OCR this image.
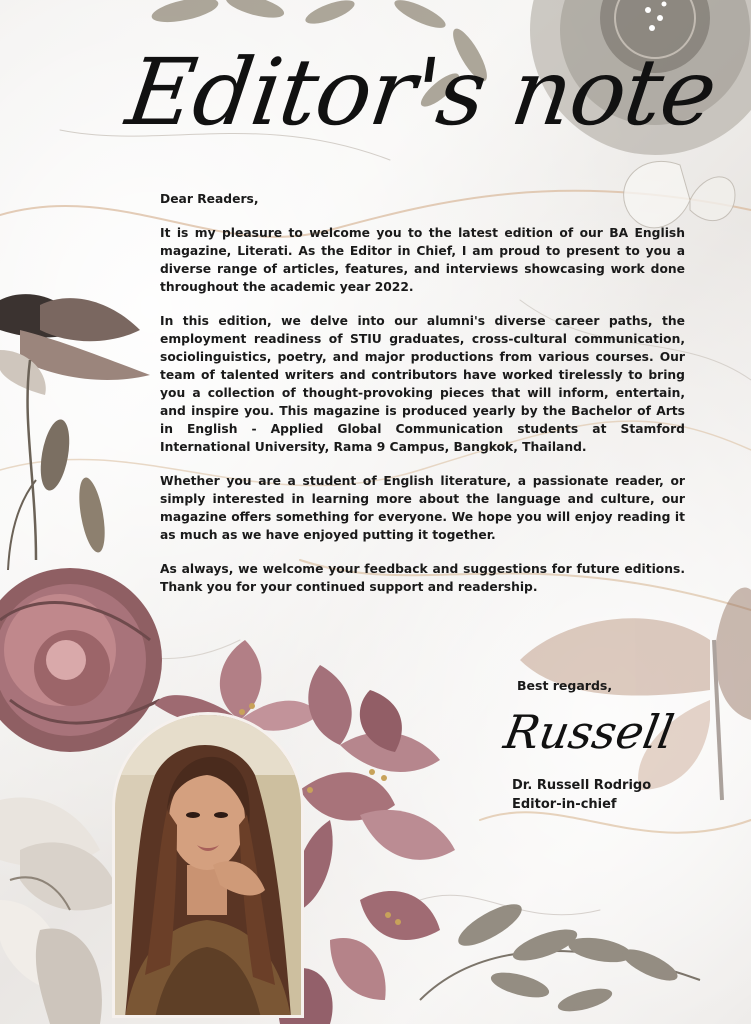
Editor's note

Dear Readers,

It is my pleasure to welcome you to the latest edition of our BA English magazine, Literati. As the Editor in Chief, I am proud to present to you a diverse range of articles, features, and interviews showcasing work done throughout the academic year 2022.

In this edition, we delve into our alumni's diverse career paths, the employment readiness of STIU graduates, cross-cultural communication, sociolinguistics, poetry, and major productions from various courses. Our team of talented writers and contributors have worked tirelessly to bring you a collection of thought-provoking pieces that will inform, entertain, and inspire you. This magazine is produced yearly by the Bachelor of Arts in English - Applied Global Communication students at Stamford International University, Rama 9 Campus, Bangkok, Thailand.

Whether you are a student of English literature, a passionate reader, or simply interested in learning more about the language and culture, our magazine offers something for everyone. We hope you will enjoy reading it as much as we have enjoyed putting it together.

As always, we welcome your feedback and suggestions for future editions. Thank you for your continued support and readership.

Best regards,
Russell
Dr. Russell Rodrigo
Editor-in-chief
